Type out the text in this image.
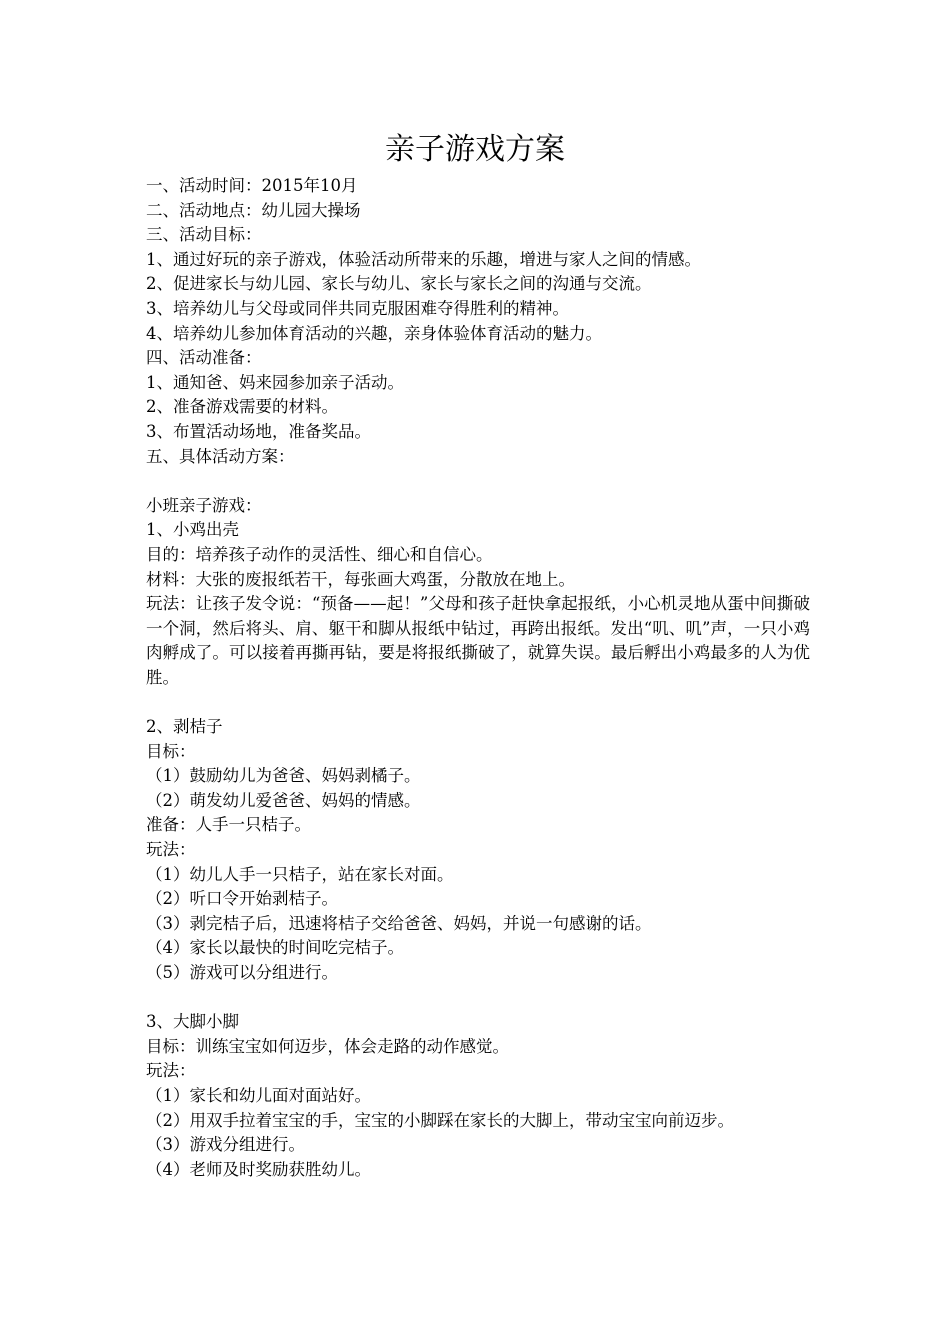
亲子游戏方案

一、活动时间：2015年10月

二、活动地点：幼儿园大操场

三、活动目标：

1、通过好玩的亲子游戏，体验活动所带来的乐趣，增进与家人之间的情感。

2、促进家长与幼儿园、家长与幼儿、家长与家长之间的沟通与交流。

3、培养幼儿与父母或同伴共同克服困难夺得胜利的精神。

4、培养幼儿参加体育活动的兴趣，亲身体验体育活动的魅力。

四、活动准备：

1、通知爸、妈来园参加亲子活动。

2、准备游戏需要的材料。

3、布置活动场地，准备奖品。

五、具体活动方案：

小班亲子游戏：

1、小鸡出壳

目的：培养孩子动作的灵活性、细心和自信心。

材料：大张的废报纸若干，每张画大鸡蛋，分散放在地上。

玩法：让孩子发令说：“预备——起！”父母和孩子赶快拿起报纸，小心机灵地从蛋中间撕破一个洞，然后将头、肩、躯干和脚从报纸中钻过，再跨出报纸。发出“叽、叽”声，一只小鸡肉孵成了。可以接着再撕再钻，要是将报纸撕破了，就算失误。最后孵出小鸡最多的人为优胜。

2、剥桔子

目标：

（1）鼓励幼儿为爸爸、妈妈剥橘子。

（2）萌发幼儿爱爸爸、妈妈的情感。

准备：人手一只桔子。

玩法：

（1）幼儿人手一只桔子，站在家长对面。

（2）听口令开始剥桔子。

（3）剥完桔子后，迅速将桔子交给爸爸、妈妈，并说一句感谢的话。

（4）家长以最快的时间吃完桔子。

（5）游戏可以分组进行。

3、大脚小脚

目标：训练宝宝如何迈步，体会走路的动作感觉。

玩法：

（1）家长和幼儿面对面站好。

（2）用双手拉着宝宝的手，宝宝的小脚踩在家长的大脚上，带动宝宝向前迈步。

（3）游戏分组进行。

（4）老师及时奖励获胜幼儿。
